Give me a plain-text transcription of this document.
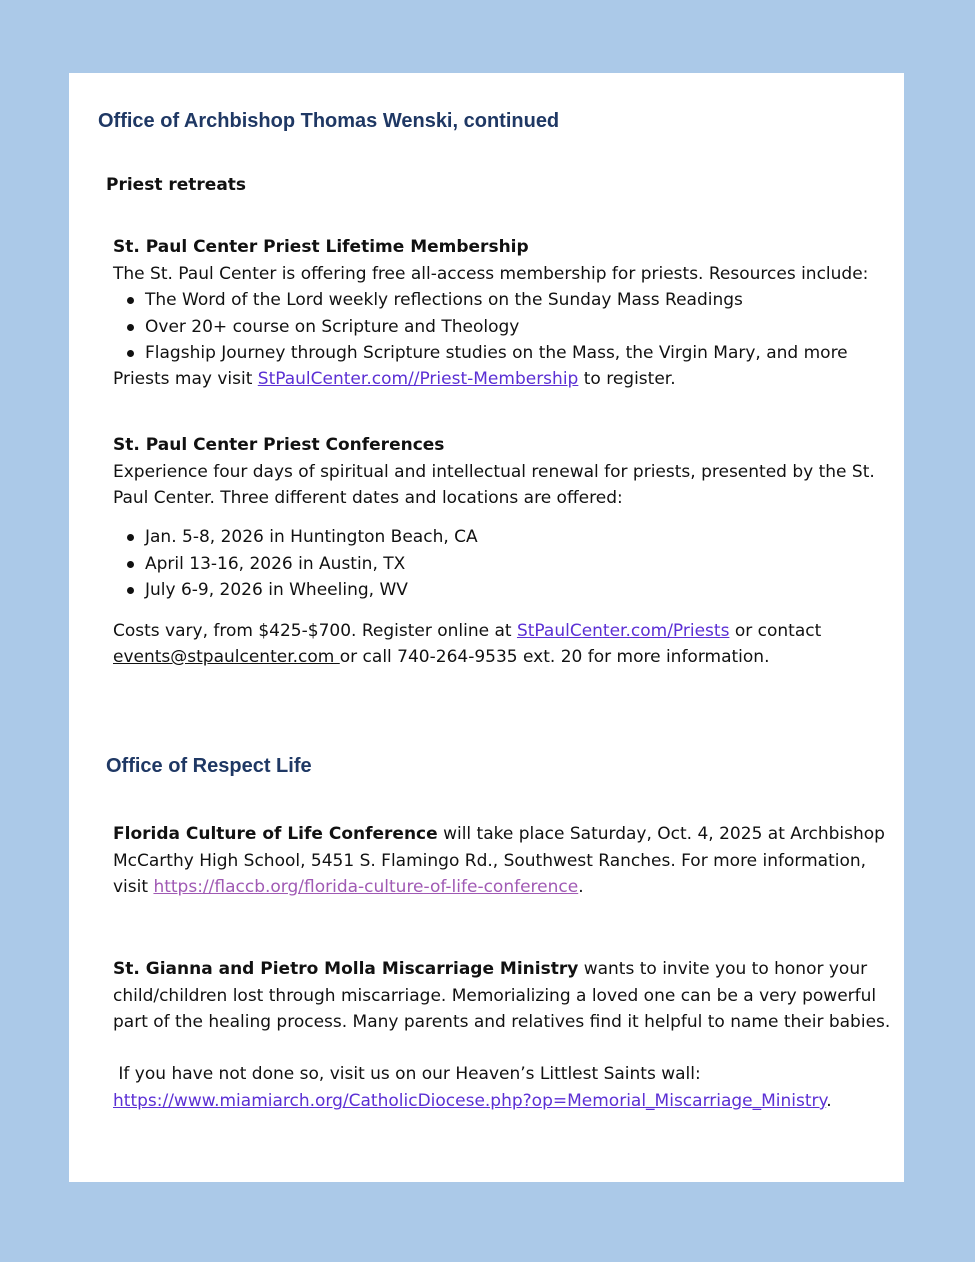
Office of Archbishop Thomas Wenski, continued
Priest retreats
St. Paul Center Priest Lifetime Membership
The St. Paul Center is offering free all-access membership for priests. Resources include:
The Word of the Lord weekly reflections on the Sunday Mass Readings
Over 20+ course on Scripture and Theology
Flagship Journey through Scripture studies on the Mass, the Virgin Mary, and more
Priests may visit StPaulCenter.com//Priest-Membership to register.
St. Paul Center Priest Conferences
Experience four days of spiritual and intellectual renewal for priests, presented by the St.
Paul Center. Three different dates and locations are offered:
Jan. 5-8, 2026 in Huntington Beach, CA
April 13-16, 2026 in Austin, TX
July 6-9, 2026 in Wheeling, WV
Costs vary, from $425-$700. Register online at StPaulCenter.com/Priests or contact
events@stpaulcenter.com or call 740-264-9535 ext. 20 for more information.
Office of Respect Life
Florida Culture of Life Conference will take place Saturday, Oct. 4, 2025 at Archbishop
McCarthy High School, 5451 S. Flamingo Rd., Southwest Ranches. For more information,
visit https://flaccb.org/florida-culture-of-life-conference.
St. Gianna and Pietro Molla Miscarriage Ministry wants to invite you to honor your
child/children lost through miscarriage. Memorializing a loved one can be a very powerful
part of the healing process. Many parents and relatives find it helpful to name their babies.
If you have not done so, visit us on our Heaven’s Littlest Saints wall:
https://www.miamiarch.org/CatholicDiocese.php?op=Memorial_Miscarriage_Ministry.
